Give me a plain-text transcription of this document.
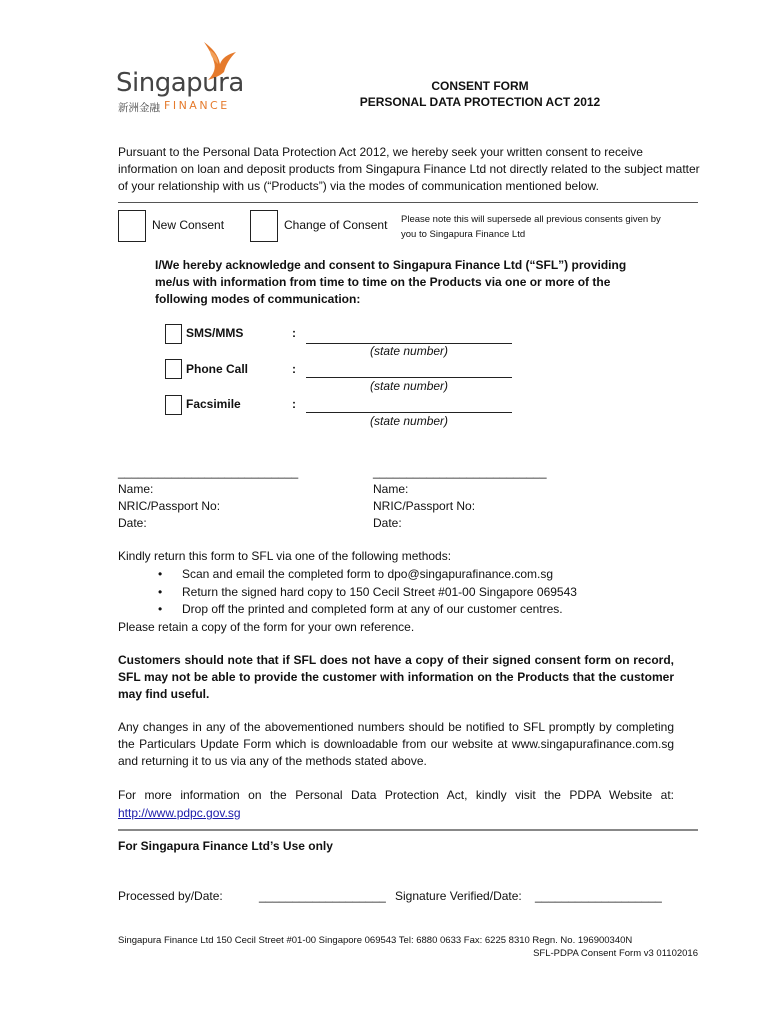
Singapura
新洲金融 FINANCE
CONSENT FORM
PERSONAL DATA PROTECTION ACT 2012
Pursuant to the Personal Data Protection Act 2012, we hereby seek your written consent to receive information on loan and deposit products from Singapura Finance Ltd not directly related to the subject matter of your relationship with us (“Products”) via the modes of communication mentioned below.
New Consent	Change of Consent Please note this will supersede all previous consents given by you to Singapura Finance Ltd
I/We hereby acknowledge and consent to Singapura Finance Ltd (“SFL”) providing me/us with information from time to time on the Products via one or more of the following modes of communication:
SMS/MMS	:
(state number)
Phone Call	:
(state number)
Facsimile	:
(state number)
___________________________
Name:
NRIC/Passport No:
Date:
__________________________
Name:
NRIC/Passport No:
Date:
Kindly return this form to SFL via one of the following methods:
• Scan and email the completed form to dpo@singapurafinance.com.sg
• Return the signed hard copy to 150 Cecil Street #01-00 Singapore 069543
• Drop off the printed and completed form at any of our customer centres.
Please retain a copy of the form for your own reference.
Customers should note that if SFL does not have a copy of their signed consent form on record, SFL may not be able to provide the customer with information on the Products that the customer may find useful.
Any changes in any of the abovementioned numbers should be notified to SFL promptly by completing the Particulars Update Form which is downloadable from our website at www.singapurafinance.com.sg and returning it to us via any of the methods stated above.
For more information on the Personal Data Protection Act, kindly visit the PDPA Website at:
http://www.pdpc.gov.sg
For Singapura Finance Ltd’s Use only
Processed by/Date:	___________________ Signature Verified/Date: ___________________
Singapura Finance Ltd 150 Cecil Street #01-00 Singapore 069543 Tel: 6880 0633 Fax: 6225 8310 Regn. No. 196900340N
SFL-PDPA Consent Form v3 01102016
